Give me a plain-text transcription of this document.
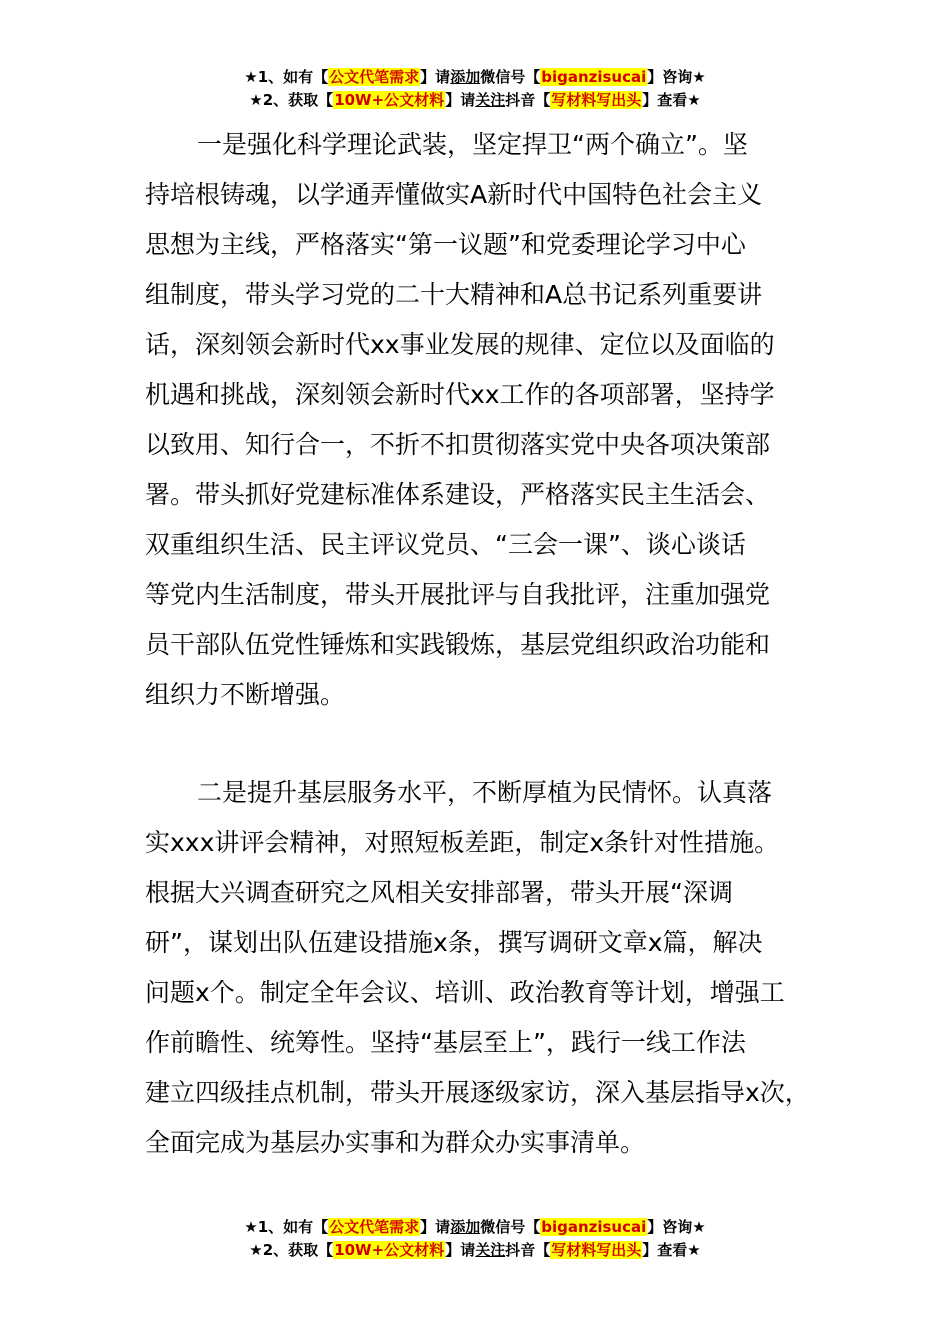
★1、如有【公文代笔需求】请添加微信号【biganzisucai】咨询★
★2、获取【10W+公文材料】请关注抖音【写材料写出头】查看★
一是强化科学理论武装，坚定捍卫“两个确立”。坚
持培根铸魂，以学通弄懂做实A新时代中国特色社会主义
思想为主线，严格落实“第一议题”和党委理论学习中心
组制度，带头学习党的二十大精神和A总书记系列重要讲
话，深刻领会新时代xx事业发展的规律、定位以及面临的
机遇和挑战，深刻领会新时代xx工作的各项部署，坚持学
以致用、知行合一，不折不扣贯彻落实党中央各项决策部
署。带头抓好党建标准体系建设，严格落实民主生活会、
双重组织生活、民主评议党员、“三会一课”、谈心谈话
等党内生活制度，带头开展批评与自我批评，注重加强党
员干部队伍党性锤炼和实践锻炼，基层党组织政治功能和
组织力不断增强。
二是提升基层服务水平，不断厚植为民情怀。认真落
实xxx讲评会精神，对照短板差距，制定x条针对性措施。
根据大兴调查研究之风相关安排部署，带头开展“深调
研”，谋划出队伍建设措施x条，撰写调研文章x篇，解决
问题x个。制定全年会议、培训、政治教育等计划，增强工
作前瞻性、统筹性。坚持“基层至上”，践行一线工作法
建立四级挂点机制，带头开展逐级家访，深入基层指导x次，
全面完成为基层办实事和为群众办实事清单。
★1、如有【公文代笔需求】请添加微信号【biganzisucai】咨询★
★2、获取【10W+公文材料】请关注抖音【写材料写出头】查看★
